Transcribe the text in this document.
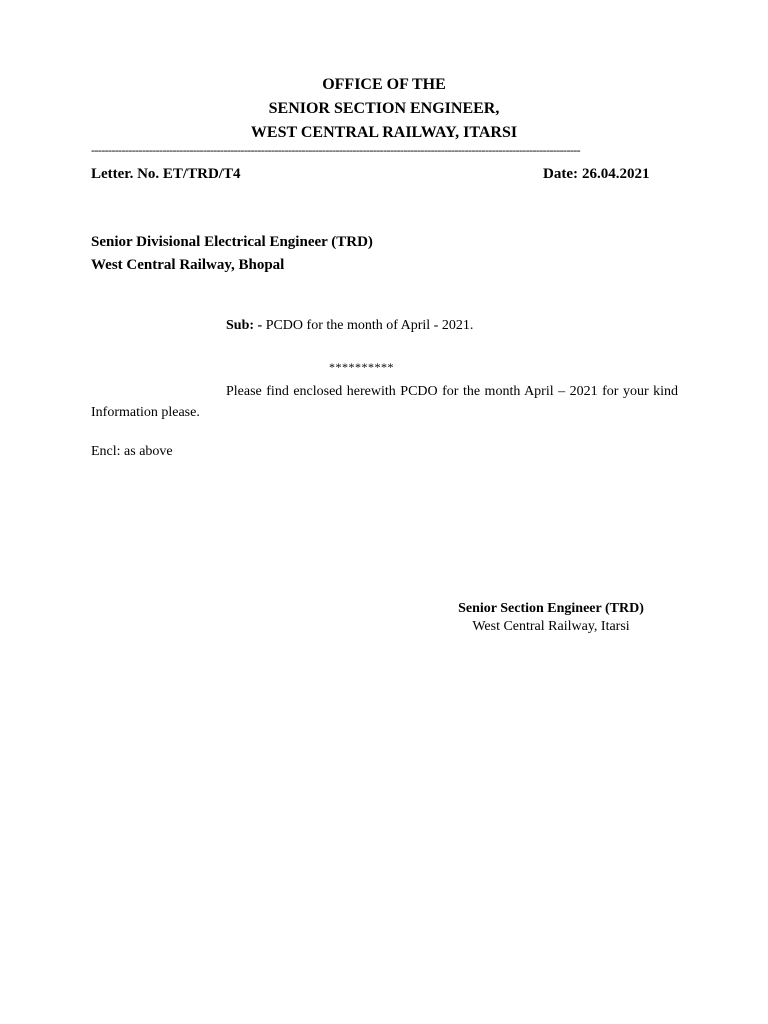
OFFICE OF THE
SENIOR SECTION ENGINEER,
WEST CENTRAL RAILWAY, ITARSI
------------------------------------------------------------------------------------------------------------------------------------------------
Letter. No. ET/TRD/T4	Date: 26.04.2021
Senior Divisional Electrical Engineer (TRD)
West Central Railway, Bhopal
Sub: - PCDO for the month of April - 2021.
**********
Please find enclosed herewith PCDO for the month April – 2021 for your kind Information please.
Encl: as above
Senior Section Engineer (TRD)
West Central Railway, Itarsi
